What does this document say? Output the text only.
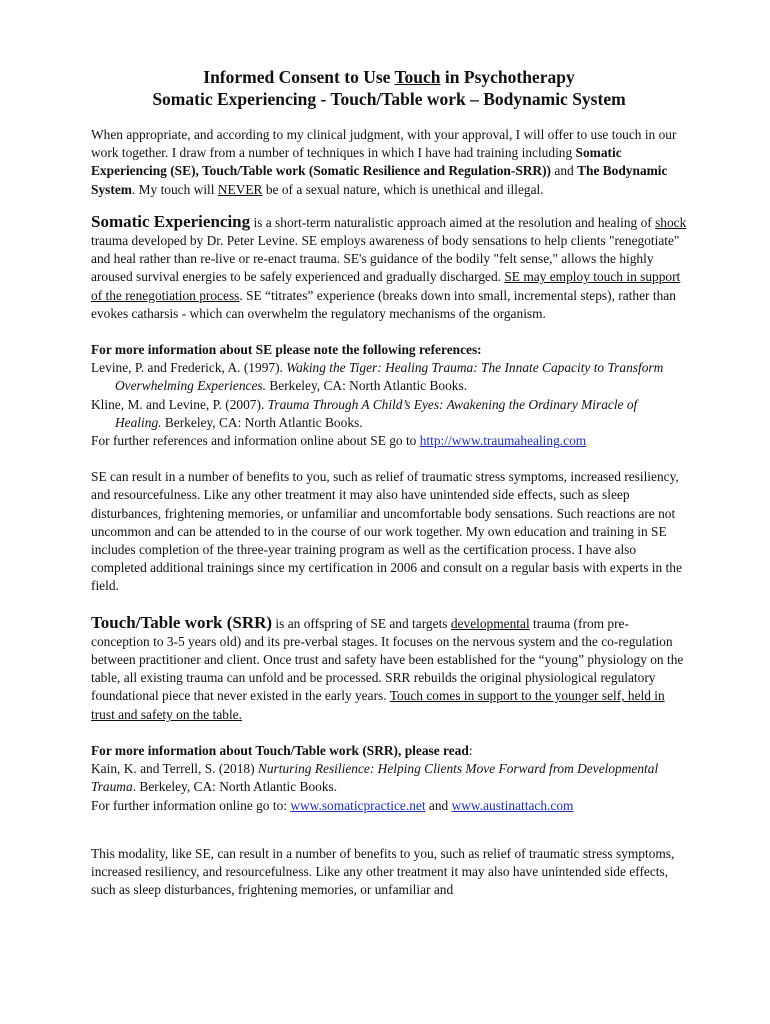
Informed Consent to Use Touch in Psychotherapy
Somatic Experiencing - Touch/Table work – Bodynamic System

When appropriate, and according to my clinical judgment, with your approval, I will offer to use touch in our work together. I draw from a number of techniques in which I have had training including Somatic Experiencing (SE), Touch/Table work (Somatic Resilience and Regulation-SRR)) and The Bodynamic System. My touch will NEVER be of a sexual nature, which is unethical and illegal.

Somatic Experiencing is a short-term naturalistic approach aimed at the resolution and healing of shock trauma developed by Dr. Peter Levine. SE employs awareness of body sensations to help clients "renegotiate" and heal rather than re-live or re-enact trauma. SE's guidance of the bodily "felt sense," allows the highly aroused survival energies to be safely experienced and gradually discharged. SE may employ touch in support of the renegotiation process. SE “titrates” experience (breaks down into small, incremental steps), rather than evokes catharsis - which can overwhelm the regulatory mechanisms of the organism.

For more information about SE please note the following references:

Levine, P. and Frederick, A. (1997). Waking the Tiger: Healing Trauma: The Innate Capacity to Transform Overwhelming Experiences. Berkeley, CA: North Atlantic Books.

Kline, M. and Levine, P. (2007). Trauma Through A Child’s Eyes: Awakening the Ordinary Miracle of Healing. Berkeley, CA: North Atlantic Books.

For further references and information online about SE go to http://www.traumahealing.com

SE can result in a number of benefits to you, such as relief of traumatic stress symptoms, increased resiliency, and resourcefulness. Like any other treatment it may also have unintended side effects, such as sleep disturbances, frightening memories, or unfamiliar and uncomfortable body sensations. Such reactions are not uncommon and can be attended to in the course of our work together. My own education and training in SE includes completion of the three-year training program as well as the certification process. I have also completed additional trainings since my certification in 2006 and consult on a regular basis with experts in the field.

Touch/Table work (SRR) is an offspring of SE and targets developmental trauma (from pre-conception to 3-5 years old) and its pre-verbal stages. It focuses on the nervous system and the co-regulation between practitioner and client. Once trust and safety have been established for the “young” physiology on the table, all existing trauma can unfold and be processed. SRR rebuilds the original physiological regulatory foundational piece that never existed in the early years. Touch comes in support to the younger self, held in trust and safety on the table.

For more information about Touch/Table work (SRR), please read:

Kain, K. and Terrell, S. (2018) Nurturing Resilience: Helping Clients Move Forward from Developmental Trauma. Berkeley, CA: North Atlantic Books.

For further information online go to: www.somaticpractice.net and www.austinattach.com

This modality, like SE, can result in a number of benefits to you, such as relief of traumatic stress symptoms, increased resiliency, and resourcefulness. Like any other treatment it may also have unintended side effects, such as sleep disturbances, frightening memories, or unfamiliar and
